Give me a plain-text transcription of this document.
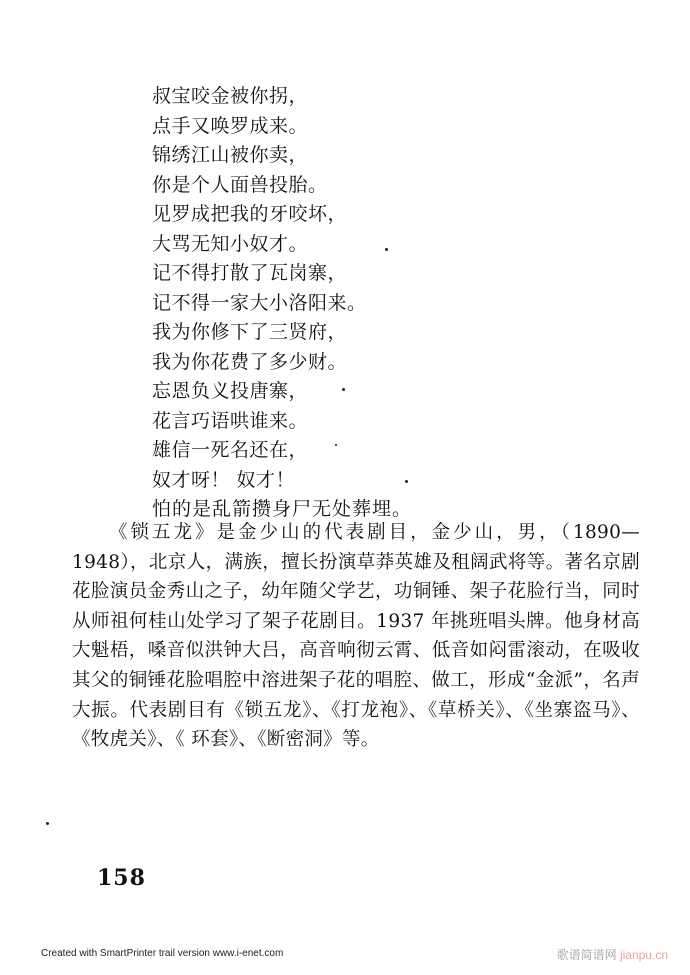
叔宝咬金被你拐，
点手又唤罗成来。
锦绣江山被你卖，
你是个人面兽投胎。
见罗成把我的牙咬坏，
大骂无知小奴才。
记不得打散了瓦岗寨，
记不得一家大小洛阳来。
我为你修下了三贤府，
我为你花费了多少财。
忘恩负义投唐寨，
花言巧语哄谁来。
雄信一死名还在，
奴才呀！ 奴才！
怕的是乱箭攒身尸无处葬埋。
《锁五龙》是金少山的代表剧目，金少山，男，（1890—1948），北京人，满族，擅长扮演草莽英雄及租阔武将等。著名京剧花脸演员金秀山之子，幼年随父学艺，功铜锤、架子花脸行当，同时从师祖何桂山处学习了架子花剧目。1937 年挑班唱头牌。他身材高大魁梧，嗓音似洪钟大吕，高音响彻云霄、低音如闷雷滚动，在吸收其父的铜锤花脸唱腔中溶进架子花的唱腔、做工，形成“金派”，名声大振。代表剧目有《锁五龙》、《打龙袍》、《草桥关》、《坐寨盗马》、《牧虎关》、《 环套》、《断密洞》等。
158
Created with SmartPrinter trail version www.i-enet.com	歌谱简谱网 jianpu.cn
